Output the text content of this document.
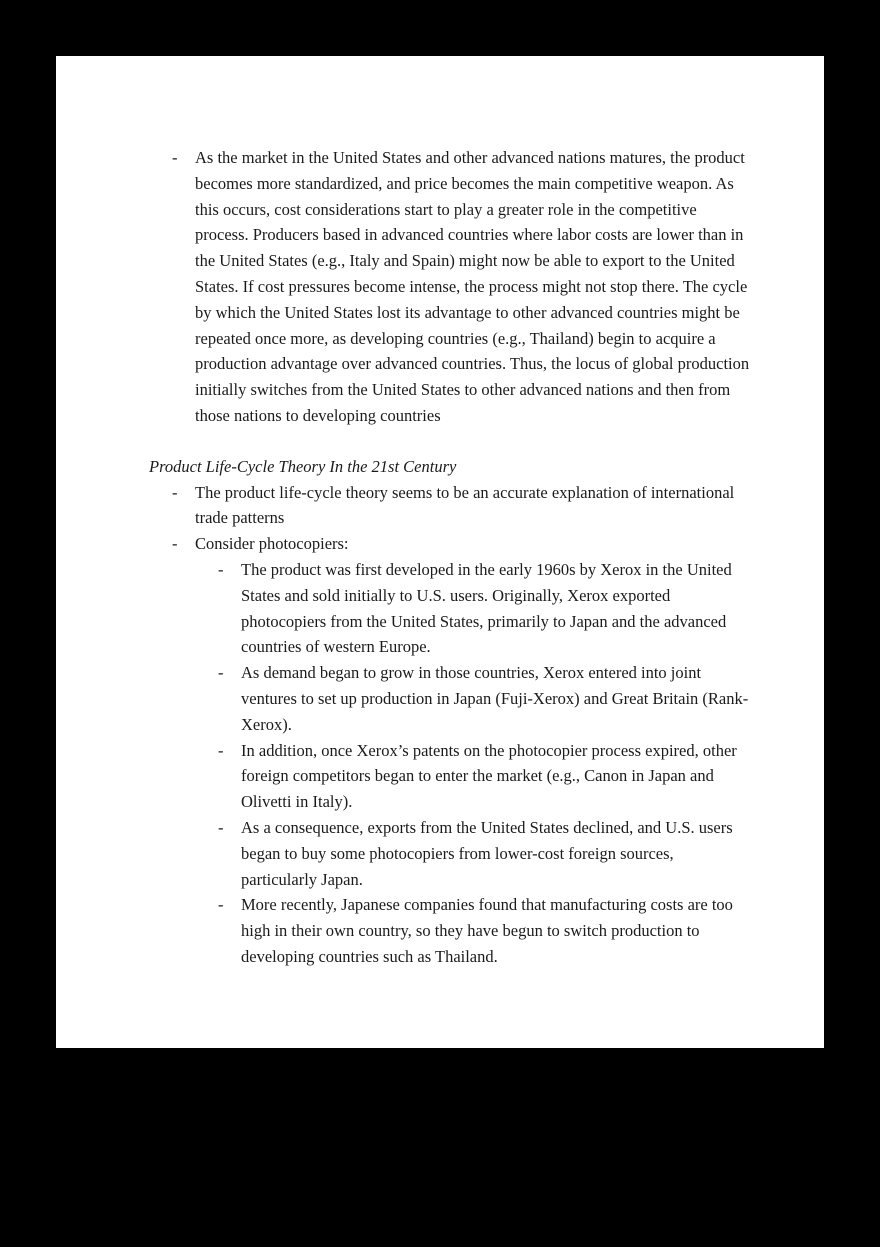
-	As the market in the United States and other advanced nations matures, the product becomes more standardized, and price becomes the main competitive weapon. As this occurs, cost considerations start to play a greater role in the competitive process. Producers based in advanced countries where labor costs are lower than in the United States (e.g., Italy and Spain) might now be able to export to the United States. If cost pressures become intense, the process might not stop there. The cycle by which the United States lost its advantage to other advanced countries might be repeated once more, as developing countries (e.g., Thailand) begin to acquire a production advantage over advanced countries. Thus, the locus of global production initially switches from the United States to other advanced nations and then from those nations to developing countries
Product Life-Cycle Theory In the 21st Century
-	The product life-cycle theory seems to be an accurate explanation of international trade patterns
-	Consider photocopiers:
-	The product was first developed in the early 1960s by Xerox in the United States and sold initially to U.S. users. Originally, Xerox exported photocopiers from the United States, primarily to Japan and the advanced countries of western Europe.
-	As demand began to grow in those countries, Xerox entered into joint ventures to set up production in Japan (Fuji-Xerox) and Great Britain (Rank-Xerox).
-	In addition, once Xerox’s patents on the photocopier process expired, other foreign competitors began to enter the market (e.g., Canon in Japan and Olivetti in Italy).
-	As a consequence, exports from the United States declined, and U.S. users began to buy some photocopiers from lower-cost foreign sources, particularly Japan.
-	More recently, Japanese companies found that manufacturing costs are too high in their own country, so they have begun to switch production to developing countries such as Thailand.
